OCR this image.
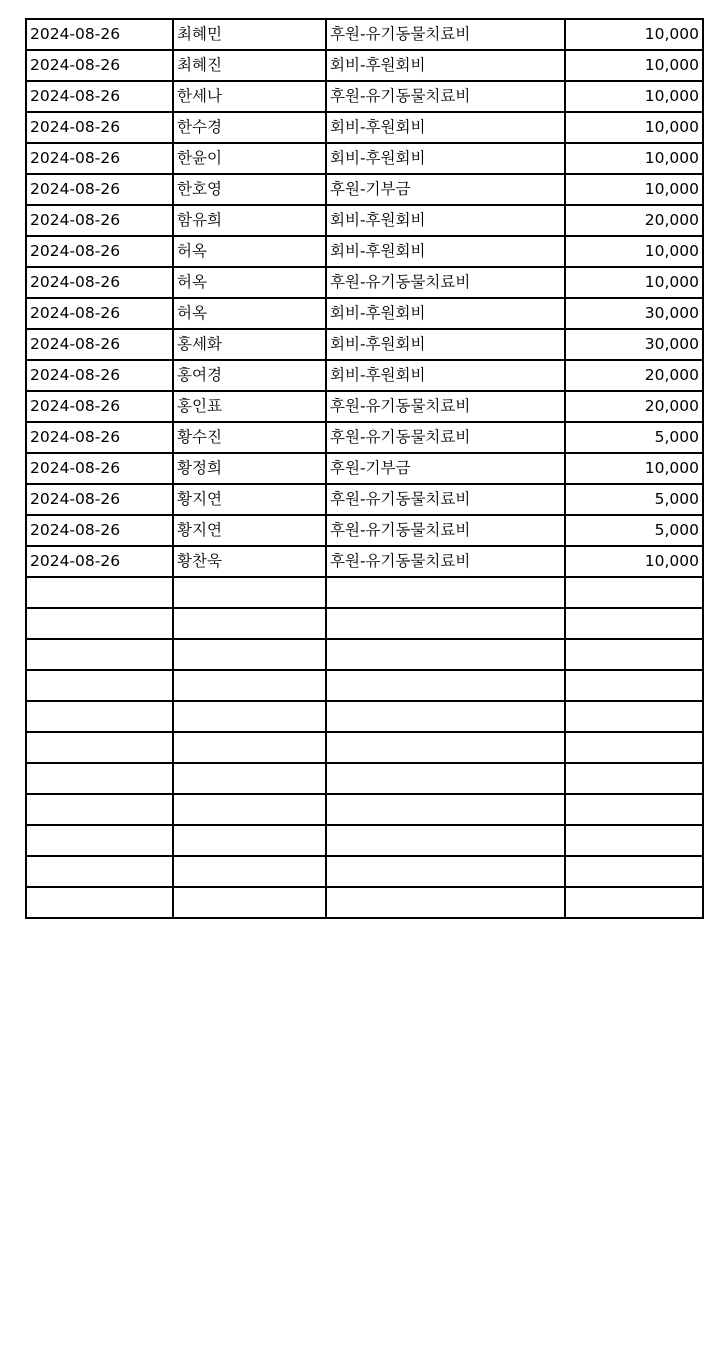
2024-08-26	최혜민	후원-유기동물치료비	10,000
2024-08-26	최혜진	회비-후원회비	10,000
2024-08-26	한세나	후원-유기동물치료비	10,000
2024-08-26	한수경	회비-후원회비	10,000
2024-08-26	한윤이	회비-후원회비	10,000
2024-08-26	한호영	후원-기부금	10,000
2024-08-26	함유희	회비-후원회비	20,000
2024-08-26	허옥	회비-후원회비	10,000
2024-08-26	허옥	후원-유기동물치료비	10,000
2024-08-26	허옥	회비-후원회비	30,000
2024-08-26	홍세화	회비-후원회비	30,000
2024-08-26	홍여경	회비-후원회비	20,000
2024-08-26	홍인표	후원-유기동물치료비	20,000
2024-08-26	황수진	후원-유기동물치료비	5,000
2024-08-26	황정희	후원-기부금	10,000
2024-08-26	황지연	후원-유기동물치료비	5,000
2024-08-26	황지연	후원-유기동물치료비	5,000
2024-08-26	황찬욱	후원-유기동물치료비	10,000
